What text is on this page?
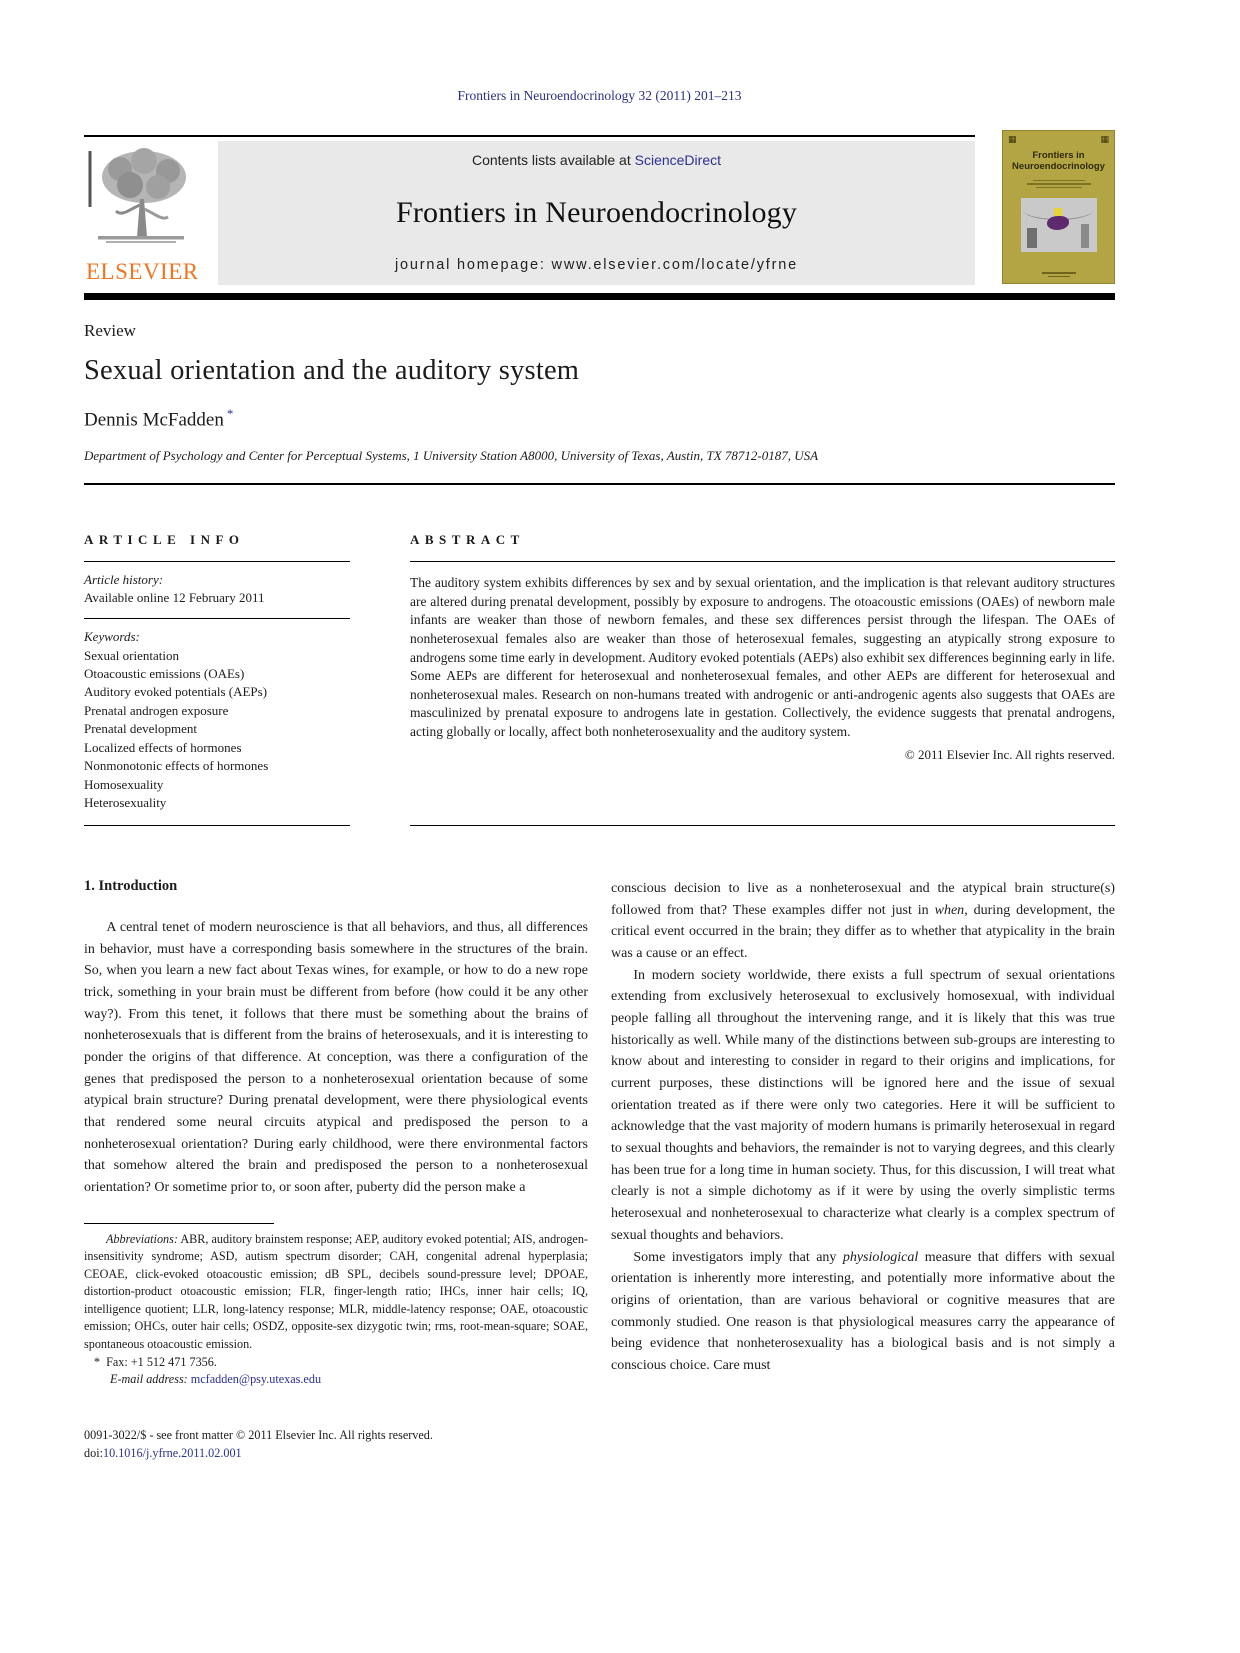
Frontiers in Neuroendocrinology 32 (2011) 201–213
ELSEVIER
Contents lists available at ScienceDirect
Frontiers in Neuroendocrinology
journal homepage: www.elsevier.com/locate/yfrne
▦	▦
Frontiers in Neuroendocrinology
Review
Sexual orientation and the auditory system
Dennis McFadden *
Department of Psychology and Center for Perceptual Systems, 1 University Station A8000, University of Texas, Austin, TX 78712-0187, USA
ARTICLE INFO
Article history:
Available online 12 February 2011
Keywords:
Sexual orientation
Otoacoustic emissions (OAEs)
Auditory evoked potentials (AEPs)
Prenatal androgen exposure
Prenatal development
Localized effects of hormones
Nonmonotonic effects of hormones
Homosexuality
Heterosexuality
ABSTRACT

The auditory system exhibits differences by sex and by sexual orientation, and the implication is that relevant auditory structures are altered during prenatal development, possibly by exposure to androgens. The otoacoustic emissions (OAEs) of newborn male infants are weaker than those of newborn females, and these sex differences persist through the lifespan. The OAEs of nonheterosexual females also are weaker than those of heterosexual females, suggesting an atypically strong exposure to androgens some time early in development. Auditory evoked potentials (AEPs) also exhibit sex differences beginning early in life. Some AEPs are different for heterosexual and nonheterosexual females, and other AEPs are different for heterosexual and nonheterosexual males. Research on non-humans treated with androgenic or anti-androgenic agents also suggests that OAEs are masculinized by prenatal exposure to androgens late in gestation. Collectively, the evidence suggests that prenatal androgens, acting globally or locally, affect both nonheterosexuality and the auditory system.

© 2011 Elsevier Inc. All rights reserved.
1. Introduction

A central tenet of modern neuroscience is that all behaviors, and thus, all differences in behavior, must have a corresponding basis somewhere in the structures of the brain. So, when you learn a new fact about Texas wines, for example, or how to do a new rope trick, something in your brain must be different from before (how could it be any other way?). From this tenet, it follows that there must be something about the brains of nonheterosexuals that is different from the brains of heterosexuals, and it is interesting to ponder the origins of that difference. At conception, was there a configuration of the genes that predisposed the person to a nonheterosexual orientation because of some atypical brain structure? During prenatal development, were there physiological events that rendered some neural circuits atypical and predisposed the person to a nonheterosexual orientation? During early childhood, were there environmental factors that somehow altered the brain and predisposed the person to a nonheterosexual orientation? Or sometime prior to, or soon after, puberty did the person make a

Abbreviations: ABR, auditory brainstem response; AEP, auditory evoked potential; AIS, androgen-insensitivity syndrome; ASD, autism spectrum disorder; CAH, congenital adrenal hyperplasia; CEOAE, click-evoked otoacoustic emission; dB SPL, decibels sound-pressure level; DPOAE, distortion-product otoacoustic emission; FLR, finger-length ratio; IHCs, inner hair cells; IQ, intelligence quotient; LLR, long-latency response; MLR, middle-latency response; OAE, otoacoustic emission; OHCs, outer hair cells; OSDZ, opposite-sex dizygotic twin; rms, root-mean-square; SOAE, spontaneous otoacoustic emission.

* Fax: +1 512 471 7356.
E-mail address: mcfadden@psy.utexas.edu
0091-3022/$ - see front matter © 2011 Elsevier Inc. All rights reserved.
doi:10.1016/j.yfrne.2011.02.001

conscious decision to live as a nonheterosexual and the atypical brain structure(s) followed from that? These examples differ not just in when, during development, the critical event occurred in the brain; they differ as to whether that atypicality in the brain was a cause or an effect.

In modern society worldwide, there exists a full spectrum of sexual orientations extending from exclusively heterosexual to exclusively homosexual, with individual people falling all throughout the intervening range, and it is likely that this was true historically as well. While many of the distinctions between sub-groups are interesting to know about and interesting to consider in regard to their origins and implications, for current purposes, these distinctions will be ignored here and the issue of sexual orientation treated as if there were only two categories. Here it will be sufficient to acknowledge that the vast majority of modern humans is primarily heterosexual in regard to sexual thoughts and behaviors, the remainder is not to varying degrees, and this clearly has been true for a long time in human society. Thus, for this discussion, I will treat what clearly is not a simple dichotomy as if it were by using the overly simplistic terms heterosexual and nonheterosexual to characterize what clearly is a complex spectrum of sexual thoughts and behaviors.

Some investigators imply that any physiological measure that differs with sexual orientation is inherently more interesting, and potentially more informative about the origins of orientation, than are various behavioral or cognitive measures that are commonly studied. One reason is that physiological measures carry the appearance of being evidence that nonheterosexuality has a biological basis and is not simply a conscious choice. Care must
